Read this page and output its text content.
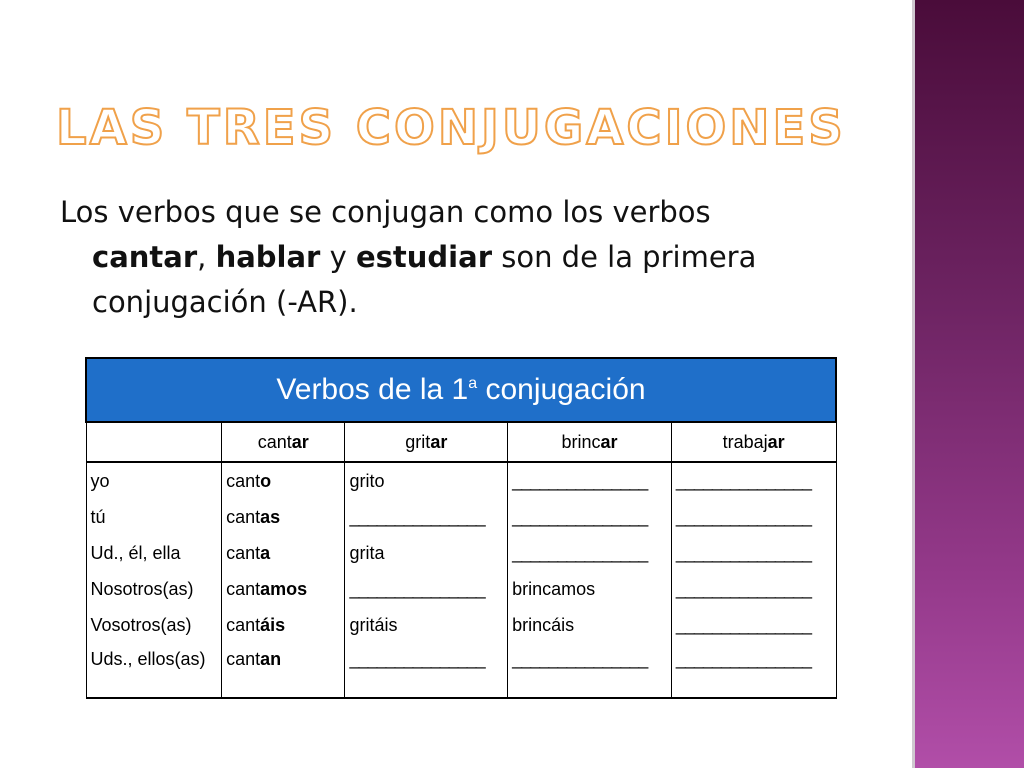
LAS TRES CONJUGACIONES

Los verbos que se conjugan como los verbos
cantar, hablar y estudiar son de la primera
conjugación (-AR).

Verbos de la 1$^a$ conjugación				
	cantar	gritar	brincar	trabajar
yo	canto	grito	_______________	_______________
tú	cantas	_______________	_______________	_______________
Ud., él, ella	canta	grita	_______________	_______________
Nosotros(as)	cantamos	_______________	brincamos	_______________
Vosotros(as)	cantáis	gritáis	brincáis	_______________
Uds., ellos(as)	cantan	_______________	_______________	_______________
